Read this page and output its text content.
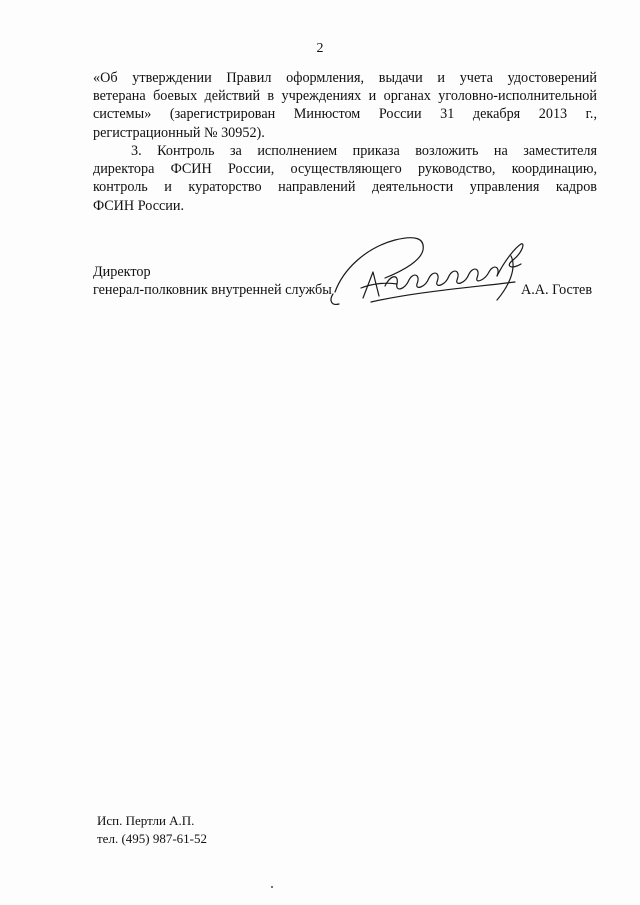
2
«Об утверждении Правил оформления, выдачи и учета удостоверений
ветерана боевых действий в учреждениях и органах уголовно-исполнительной
системы» (зарегистрирован Минюстом России 31 декабря 2013 г.,
регистрационный № 30952).
3. Контроль за исполнением приказа возложить на заместителя
директора ФСИН России, осуществляющего руководство, координацию,
контроль и кураторство направлений деятельности управления кадров
ФСИН России.
Директор
генерал-полковник внутренней службы	А.А. Гостев
Исп. Пертли А.П.
тел. (495) 987-61-52
